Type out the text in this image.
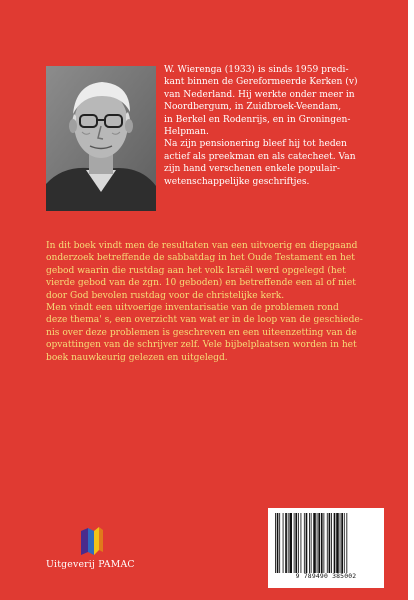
W. Wierenga (1933) is sinds 1959 predi-

kant binnen de Gereformeerde Kerken (v)

van Nederland. Hij werkte onder meer in

Noordbergum, in Zuidbroek-Veendam,

in Berkel en Rodenrijs, en in Groningen-

Helpman.

Na zijn pensionering bleef hij tot heden

actief als preekman en als catecheet. Van

zijn hand verschenen enkele populair-

wetenschappelijke geschriftjes.

In dit boek vindt men de resultaten van een uitvoerig en diepgaand

onderzoek betreffende de sabbatdag in het Oude Testament en het

gebod waarin die rustdag aan het volk Israël werd opgelegd (het

vierde gebod van de zgn. 10 geboden) en betreffende een al of niet

door God bevolen rustdag voor de christelijke kerk.

Men vindt een uitvoerige inventarisatie van de problemen rond

deze thema' s, een overzicht van wat er in de loop van de geschiede-

nis over deze problemen is geschreven en een uiteenzetting van de

opvattingen van de schrijver zelf. Vele bijbelplaatsen worden in het

boek nauwkeurig gelezen en uitgelegd.

Uitgeverij PAMAC
9 789490 385002
